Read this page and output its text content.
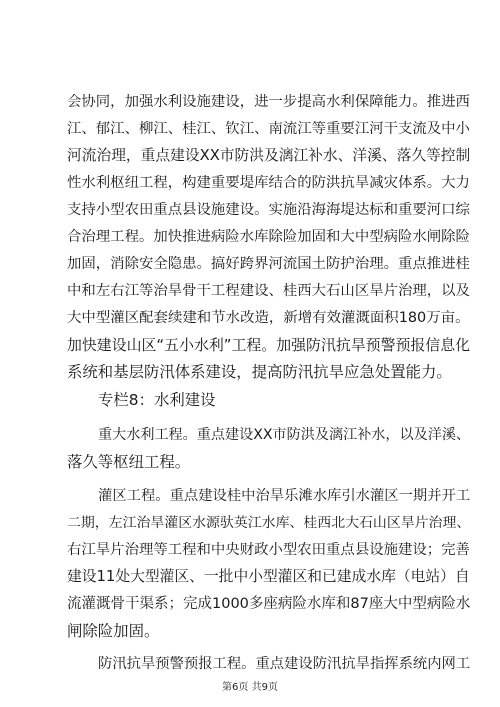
会协同，加强水利设施建设，进一步提高水利保障能力。推进西
江、郁江、柳江、桂江、钦江、南流江等重要江河干支流及中小
河流治理，重点建设XX市防洪及漓江补水、洋溪、落久等控制
性水利枢纽工程，构建重要堤库结合的防洪抗旱减灾体系。大力
支持小型农田重点县设施建设。实施沿海海堤达标和重要河口综
合治理工程。加快推进病险水库除险加固和大中型病险水闸除险
加固，消除安全隐患。搞好跨界河流国土防护治理。重点推进桂
中和左右江等治旱骨干工程建设、桂西大石山区旱片治理，以及
大中型灌区配套续建和节水改造，新增有效灌溉面积180万亩。
加快建设山区“五小水利”工程。加强防汛抗旱预警预报信息化
系统和基层防汛体系建设，提高防汛抗旱应急处置能力。
专栏8：水利建设
重大水利工程。重点建设XX市防洪及漓江补水，以及洋溪、
落久等枢纽工程。
灌区工程。重点建设桂中治旱乐滩水库引水灌区一期并开工
二期，左江治旱灌区水源驮英江水库、桂西北大石山区旱片治理、
右江旱片治理等工程和中央财政小型农田重点县设施建设；完善
建设11处大型灌区、一批中小型灌区和已建成水库（电站）自
流灌溉骨干渠系；完成1000多座病险水库和87座大中型病险水
闸除险加固。
防汛抗旱预警预报工程。重点建设防汛抗旱指挥系统内网工
第6页 共9页
